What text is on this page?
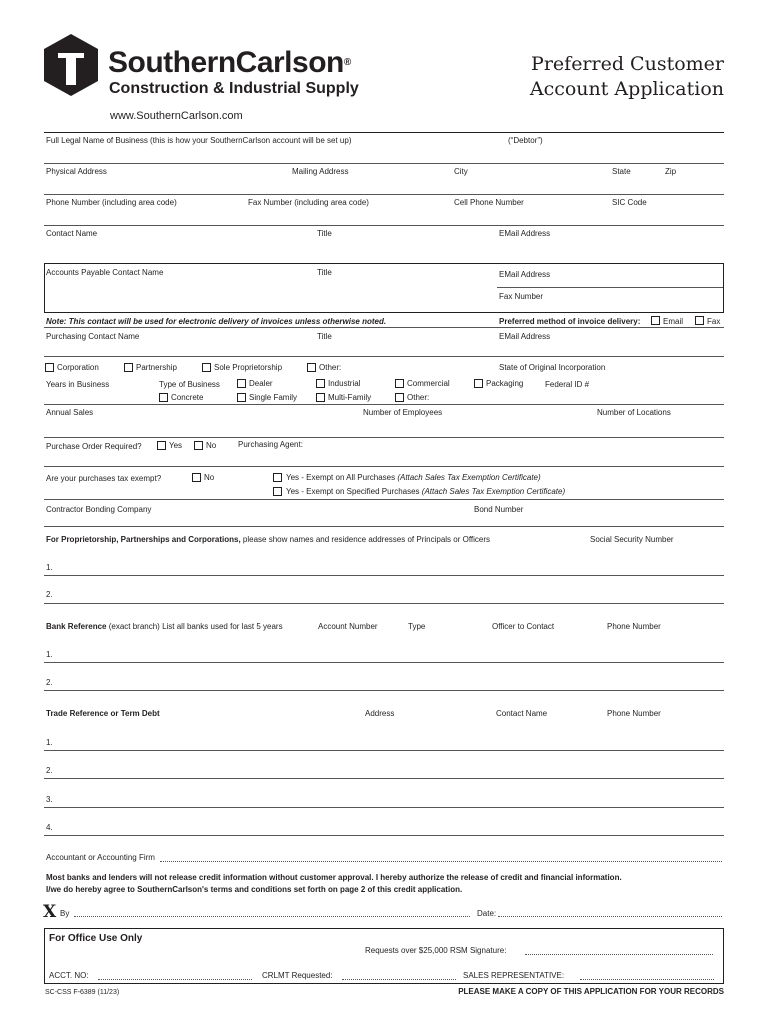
SouthernCarlson®
Construction & Industrial Supply
www.SouthernCarlson.com
Preferred Customer
Account Application
Full Legal Name of Business (this is how your SouthernCarlson account will be set up)	(“Debtor”)
Physical Address	Mailing Address	City	State	Zip
Phone Number (including area code)	Fax Number (including area code)	Cell Phone Number	SIC Code
Contact Name	Title	EMail Address
Accounts Payable Contact Name	Title	EMail Address
Fax Number
Note: This contact will be used for electronic delivery of invoices unless otherwise noted.	Preferred method of invoice delivery:	Email	Fax
Purchasing Contact Name	Title	EMail Address
Corporation	Partnership	Sole Proprietorship	Other:	State of Original Incorporation
Years in Business	Type of Business	Dealer	Industrial	Commercial	Packaging	Federal ID #
Concrete	Single Family	Multi-Family	Other:
Annual Sales	Number of Employees	Number of Locations
Purchase Order Required?	Yes	No	Purchasing Agent:
Are your purchases tax exempt?	No	Yes - Exempt on All Purchases (Attach Sales Tax Exemption Certificate)
Yes - Exempt on Specified Purchases (Attach Sales Tax Exemption Certificate)
Contractor Bonding Company	Bond Number
For Proprietorship, Partnerships and Corporations, please show names and residence addresses of Principals or Officers	Social Security Number
1.
2.
Bank Reference (exact branch) List all banks used for last 5 years	Account Number	Type	Officer to Contact	Phone Number
1.
2.
Trade Reference or Term Debt	Address	Contact Name	Phone Number
1.
2.
3.
4.
Accountant or Accounting Firm
Most banks and lenders will not release credit information without customer approval. I hereby authorize the release of credit and financial information.
I/we do hereby agree to SouthernCarlson's terms and conditions set forth on page 2 of this credit application.
X By	Date:
For Office Use Only
Requests over $25,000 RSM Signature:
ACCT. NO:	CRLMT Requested:	SALES REPRESENTATIVE:
SC-CSS F-6389 (11/23)	PLEASE MAKE A COPY OF THIS APPLICATION FOR YOUR RECORDS
